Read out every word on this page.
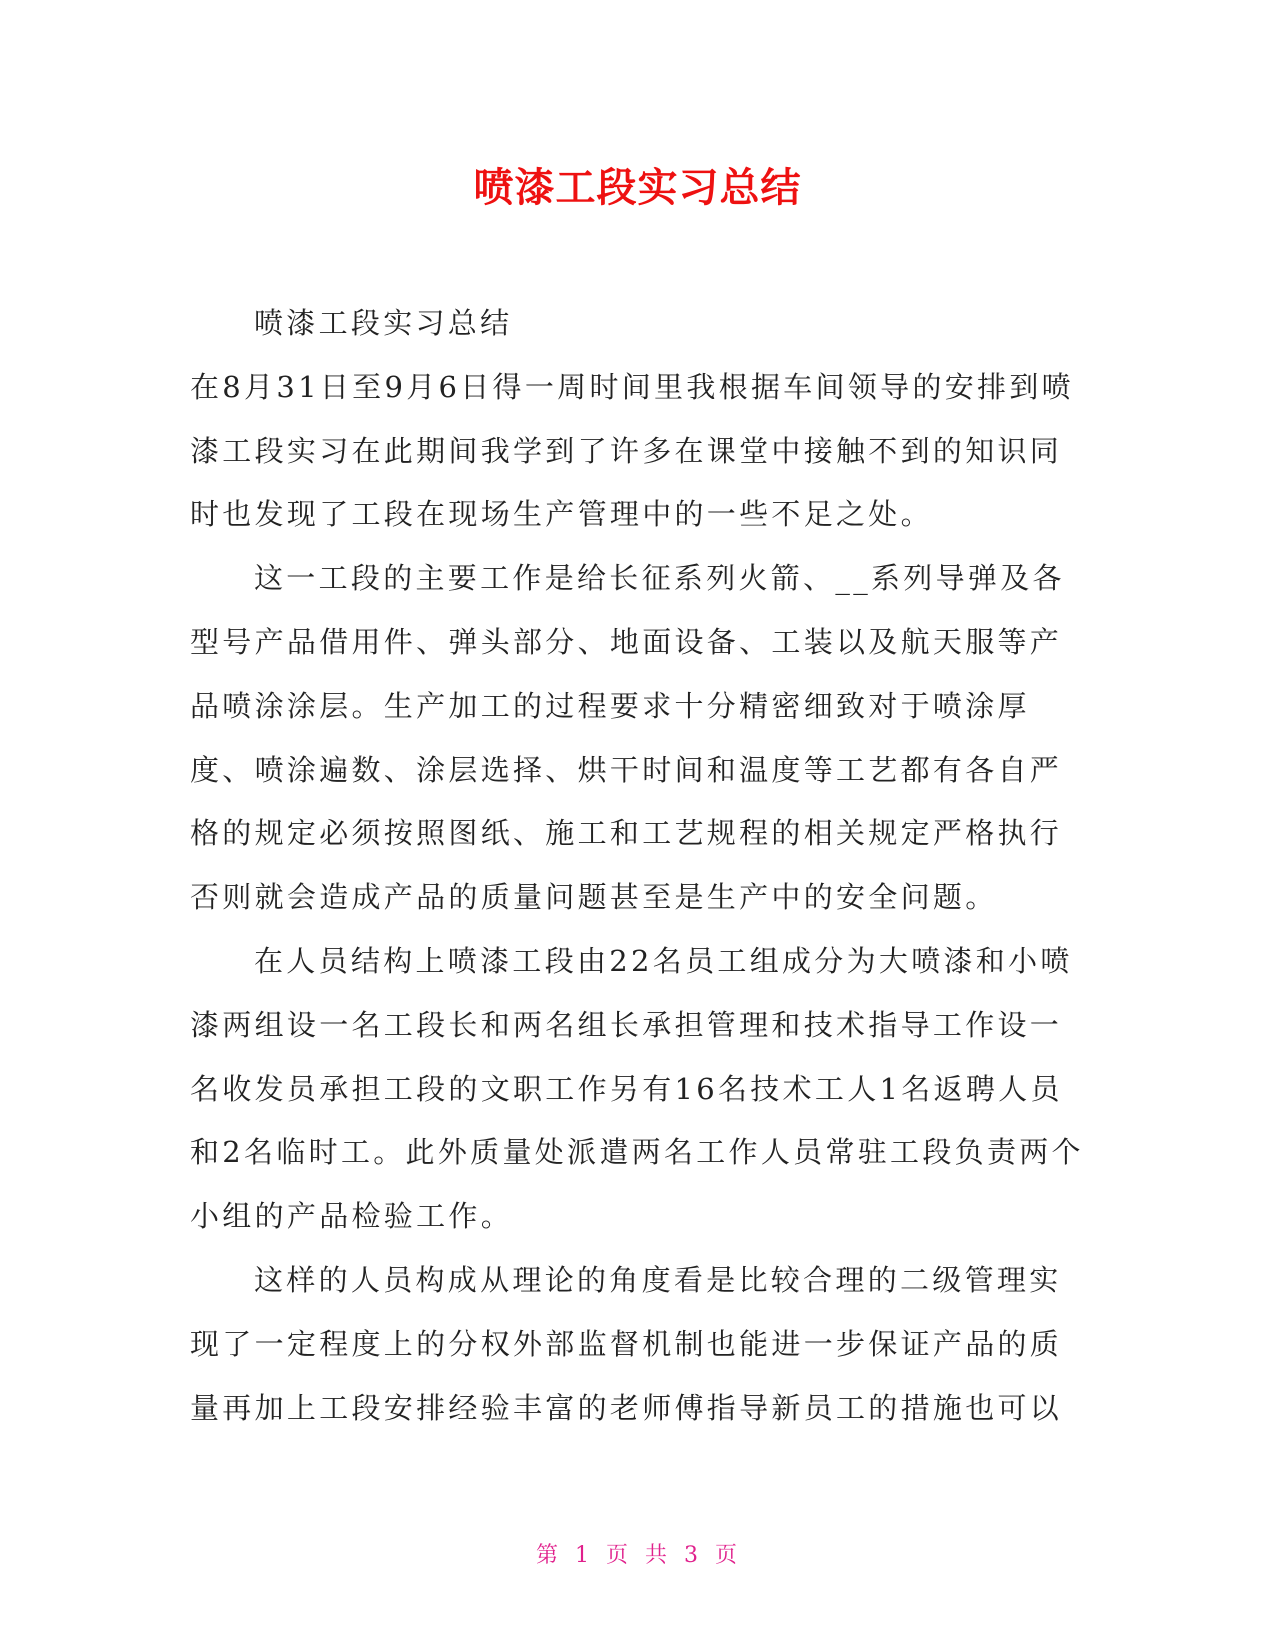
喷漆工段实习总结

喷漆工段实习总结

在8月31日至9月6日得一周时间里我根据车间领导的安排到喷漆工段实习在此期间我学到了许多在课堂中接触不到的知识同时也发现了工段在现场生产管理中的一些不足之处。

这一工段的主要工作是给长征系列火箭、__系列导弹及各型号产品借用件、弹头部分、地面设备、工装以及航天服等产品喷涂涂层。生产加工的过程要求十分精密细致对于喷涂厚度、喷涂遍数、涂层选择、烘干时间和温度等工艺都有各自严格的规定必须按照图纸、施工和工艺规程的相关规定严格执行否则就会造成产品的质量问题甚至是生产中的安全问题。

在人员结构上喷漆工段由22名员工组成分为大喷漆和小喷漆两组设一名工段长和两名组长承担管理和技术指导工作设一名收发员承担工段的文职工作另有16名技术工人1名返聘人员和2名临时工。此外质量处派遣两名工作人员常驻工段负责两个小组的产品检验工作。

这样的人员构成从理论的角度看是比较合理的二级管理实现了一定程度上的分权外部监督机制也能进一步保证产品的质量再加上工段安排经验丰富的老师傅指导新员工的措施也可以

第 1 页 共 3 页
